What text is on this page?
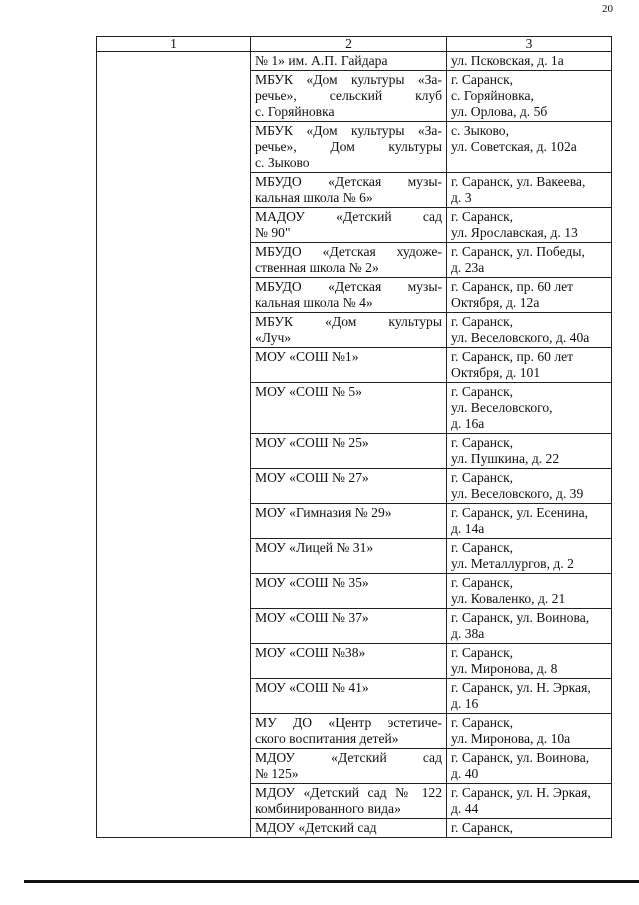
20
1	2	3

	№ 1» им. А.П. Гайдара	ул. Псковская, д. 1а

	МБУК «Дом культуры «За-
речье», сельский клуб
с. Горяйновка	г. Саранск,
с. Горяйновка,
ул. Орлова, д. 5б

	МБУК «Дом культуры «За-
речье», Дом культуры
с. Зыково	с. Зыково,
ул. Советская, д. 102а

	МБУДО «Детская музы-
кальная школа № 6»	г. Саранск, ул. Вакеева,
д. 3

	МАДОУ «Детский сад
№ 90"	г. Саранск,
ул. Ярославская, д. 13

	МБУДО «Детская художе-
ственная школа № 2»	г. Саранск, ул. Победы,
д. 23а

	МБУДО «Детская музы-
кальная школа № 4»	г. Саранск, пр. 60 лет
Октября, д. 12а

	МБУК «Дом культуры
«Луч»	г. Саранск,
ул. Веселовского, д. 40а

	МОУ «СОШ №1»	г. Саранск, пр. 60 лет
Октября, д. 101

	МОУ «СОШ № 5»	г. Саранск,
ул. Веселовского,
д. 16а

	МОУ «СОШ № 25»	г. Саранск,
ул. Пушкина, д. 22

	МОУ «СОШ № 27»	г. Саранск,
ул. Веселовского, д. 39

	МОУ «Гимназия № 29»	г. Саранск, ул. Есенина,
д. 14а

	МОУ «Лицей № 31»	г. Саранск,
ул. Металлургов, д. 2

	МОУ «СОШ № 35»	г. Саранск,
ул. Коваленко, д. 21

	МОУ «СОШ № 37»	г. Саранск, ул. Воинова,
д. 38а

	МОУ «СОШ №38»	г. Саранск,
ул. Миронова, д. 8

	МОУ «СОШ № 41»	г. Саранск, ул. Н. Эркая,
д. 16

	МУ ДО «Центр эстетиче-
ского воспитания детей»	г. Саранск,
ул. Миронова, д. 10а

	МДОУ «Детский сад
№ 125»	г. Саранск, ул. Воинова,
д. 40

	МДОУ «Детский сад № 122
комбинированного вида»	г. Саранск, ул. Н. Эркая,
д. 44

	МДОУ «Детский сад	г. Саранск,
